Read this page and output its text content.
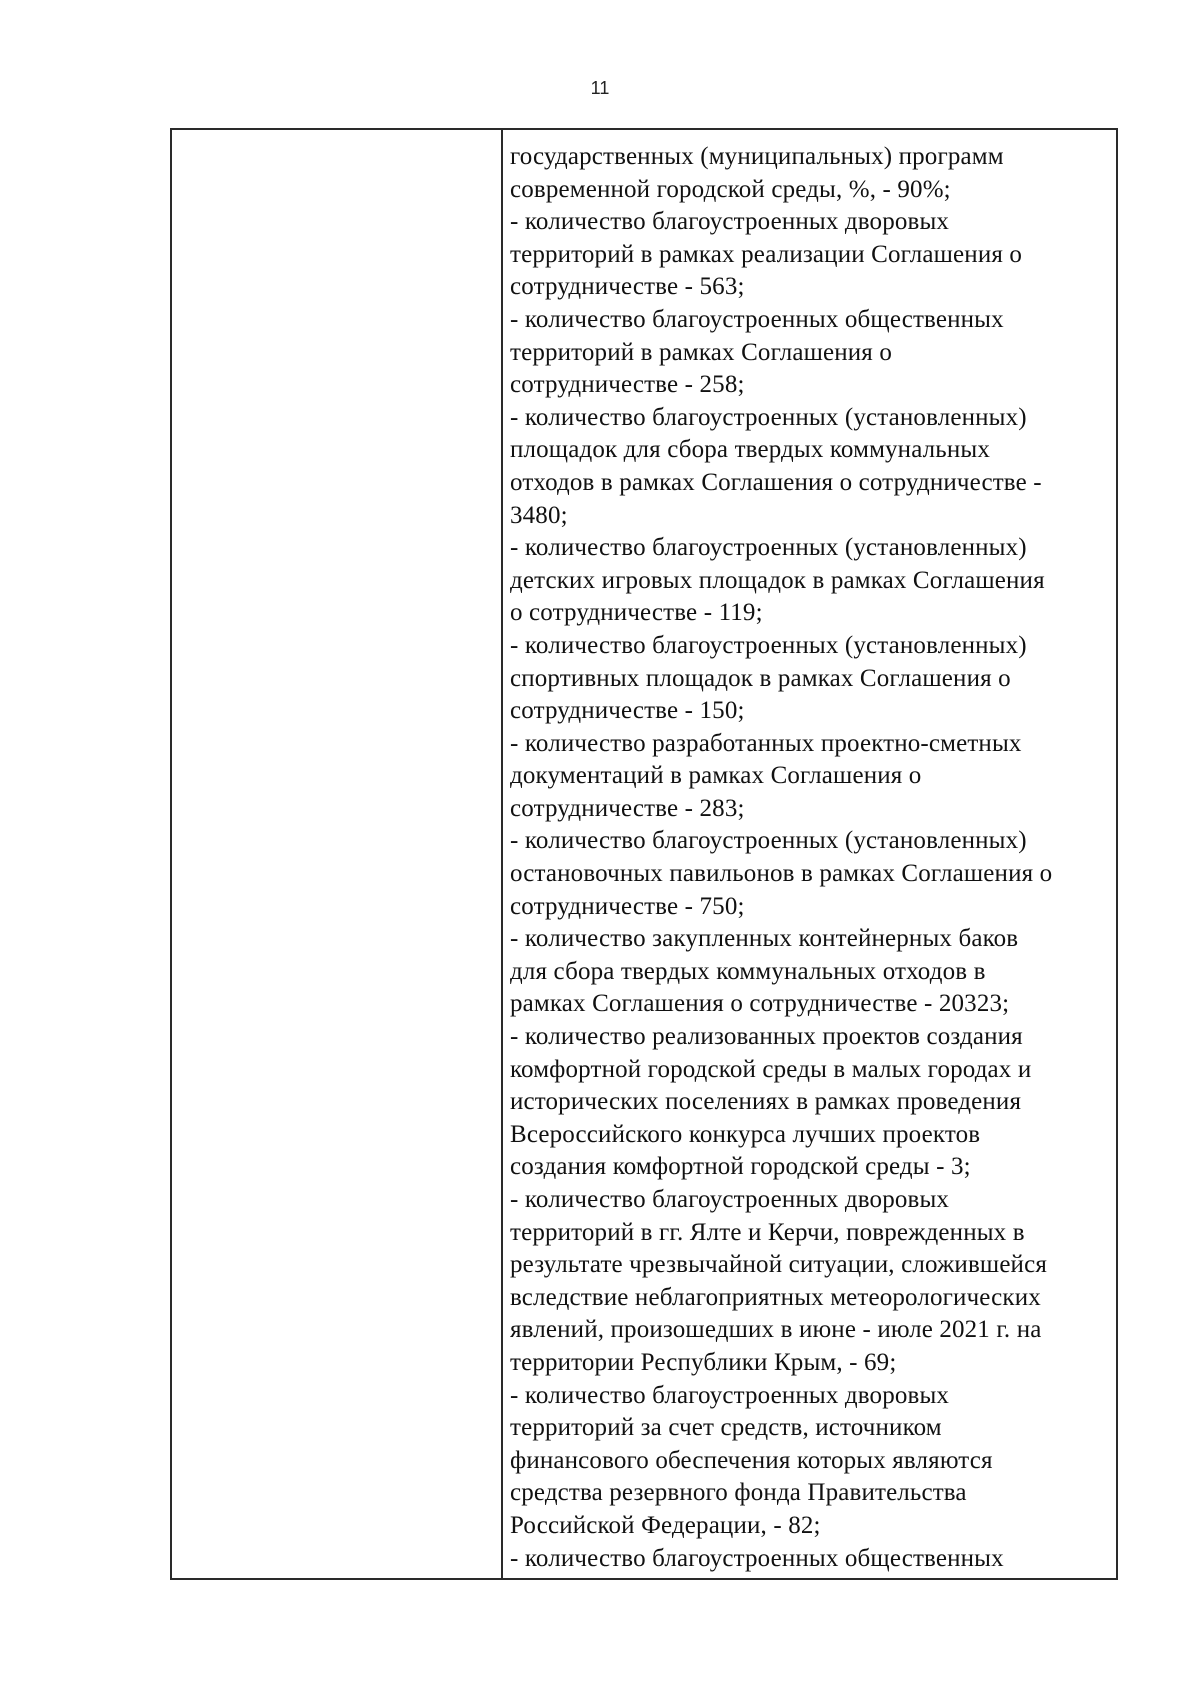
11
государственных (муниципальных) программ
современной городской среды, %, - 90%;
- количество благоустроенных дворовых
территорий в рамках реализации Соглашения о
сотрудничестве - 563;
- количество благоустроенных общественных
территорий в рамках Соглашения о
сотрудничестве - 258;
- количество благоустроенных (установленных)
площадок для сбора твердых коммунальных
отходов в рамках Соглашения о сотрудничестве -
3480;
- количество благоустроенных (установленных)
детских игровых площадок в рамках Соглашения
о сотрудничестве - 119;
- количество благоустроенных (установленных)
спортивных площадок в рамках Соглашения о
сотрудничестве - 150;
- количество разработанных проектно-сметных
документаций в рамках Соглашения о
сотрудничестве - 283;
- количество благоустроенных (установленных)
остановочных павильонов в рамках Соглашения о
сотрудничестве - 750;
- количество закупленных контейнерных баков
для сбора твердых коммунальных отходов в
рамках Соглашения о сотрудничестве - 20323;
- количество реализованных проектов создания
комфортной городской среды в малых городах и
исторических поселениях в рамках проведения
Всероссийского конкурса лучших проектов
создания комфортной городской среды - 3;
- количество благоустроенных дворовых
территорий в гг. Ялте и Керчи, поврежденных в
результате чрезвычайной ситуации, сложившейся
вследствие неблагоприятных метеорологических
явлений, произошедших в июне - июле 2021 г. на
территории Республики Крым, - 69;
- количество благоустроенных дворовых
территорий за счет средств, источником
финансового обеспечения которых являются
средства резервного фонда Правительства
Российской Федерации, - 82;
- количество благоустроенных общественных
